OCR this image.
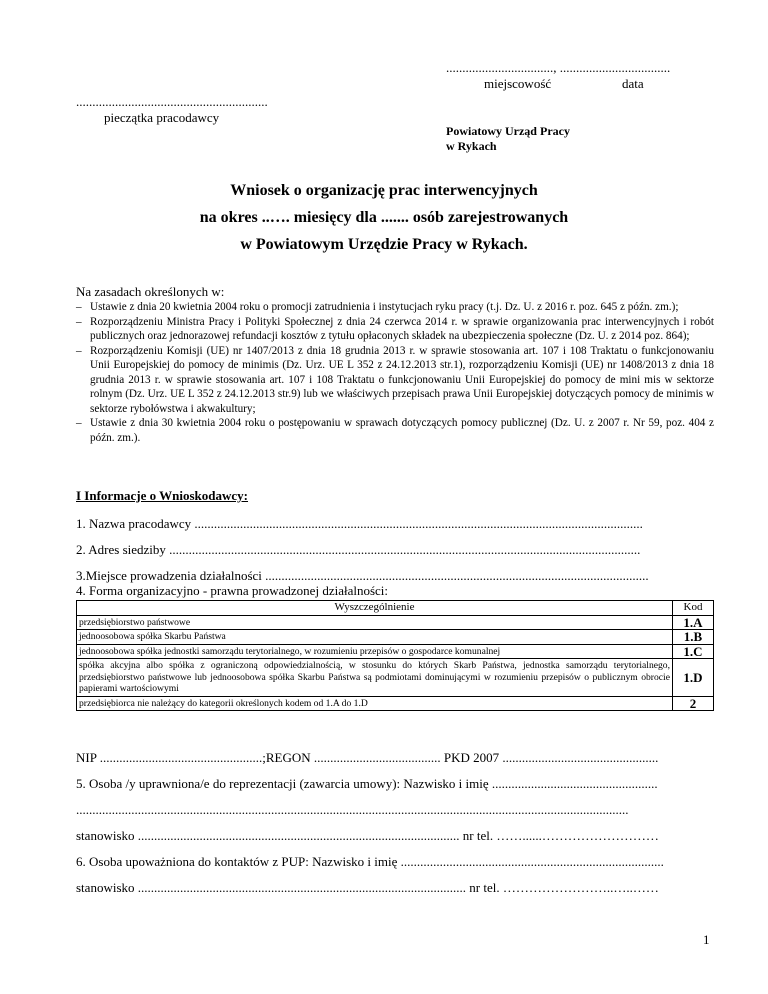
................................., ..................................
miejscowość	data
...........................................................
pieczątka pracodawcy
Powiatowy Urząd Pracy
w Rykach
Wniosek o organizację prac interwencyjnych
na okres ..…. miesięcy dla ....... osób zarejestrowanych
w Powiatowym Urzędzie Pracy w Rykach.
Na zasadach określonych w:
– Ustawie z dnia 20 kwietnia 2004 roku o promocji zatrudnienia i instytucjach ryku pracy (t.j. Dz. U. z 2016 r. poz. 645 z późn. zm.);
– Rozporządzeniu Ministra Pracy i Polityki Społecznej z dnia 24 czerwca 2014 r. w sprawie organizowania prac interwencyjnych i robót publicznych oraz jednorazowej refundacji kosztów z tytułu opłaconych składek na ubezpieczenia społeczne (Dz. U. z 2014 poz. 864);
– Rozporządzeniu Komisji (UE) nr 1407/2013 z dnia 18 grudnia 2013 r. w sprawie stosowania art. 107 i 108 Traktatu o funkcjonowaniu Unii Europejskiej do pomocy de minimis (Dz. Urz. UE L 352 z 24.12.2013 str.1), rozporządzeniu Komisji (UE) nr 1408/2013 z dnia 18 grudnia 2013 r. w sprawie stosowania art. 107 i 108 Traktatu o funkcjonowaniu Unii Europejskiej do pomocy de mini mis w sektorze rolnym (Dz. Urz. UE L 352 z 24.12.2013 str.9) lub we właściwych przepisach prawa Unii Europejskiej dotyczących pomocy de minimis w sektorze rybołówstwa i akwakultury;
– Ustawie z dnia 30 kwietnia 2004 roku o postępowaniu w sprawach dotyczących pomocy publicznej (Dz. U. z 2007 r. Nr 59, poz. 404 z późn. zm.).
I Informacje o Wnioskodawcy:
1. Nazwa pracodawcy ..........................................................................................................................................
2. Adres siedziby .................................................................................................................................................
3.Miejsce prowadzenia działalności ......................................................................................................................
4. Forma organizacyjno - prawna prowadzonej działalności:
Wyszczególnienie	Kod
przedsiębiorstwo państwowe	1.A
jednoosobowa spółka Skarbu Państwa	1.B
jednoosobowa spółka jednostki samorządu terytorialnego, w rozumieniu przepisów o gospodarce komunalnej	1.C
spółka akcyjna albo spółka z ograniczoną odpowiedzialnością, w stosunku do których Skarb Państwa, jednostka samorządu terytorialnego, przedsiębiorstwo państwowe lub jednoosobowa spółka Skarbu Państwa są podmiotami dominującymi w rozumieniu przepisów o publicznym obrocie papierami wartościowymi	1.D
przedsiębiorca nie należący do kategorii określonych kodem od 1.A do 1.D	2
NIP ..................................................;REGON ....................................... PKD 2007 ................................................
5. Osoba /y uprawniona/e do reprezentacji (zawarcia umowy): Nazwisko i imię ...................................................
..........................................................................................................................................................................
stanowisko ................................................................................................... nr tel. ……......………………………
6. Osoba upoważniona do kontaktów z PUP: Nazwisko i imię .................................................................................
stanowisko ..................................................................................................... nr tel. ……………………..…..……
1
